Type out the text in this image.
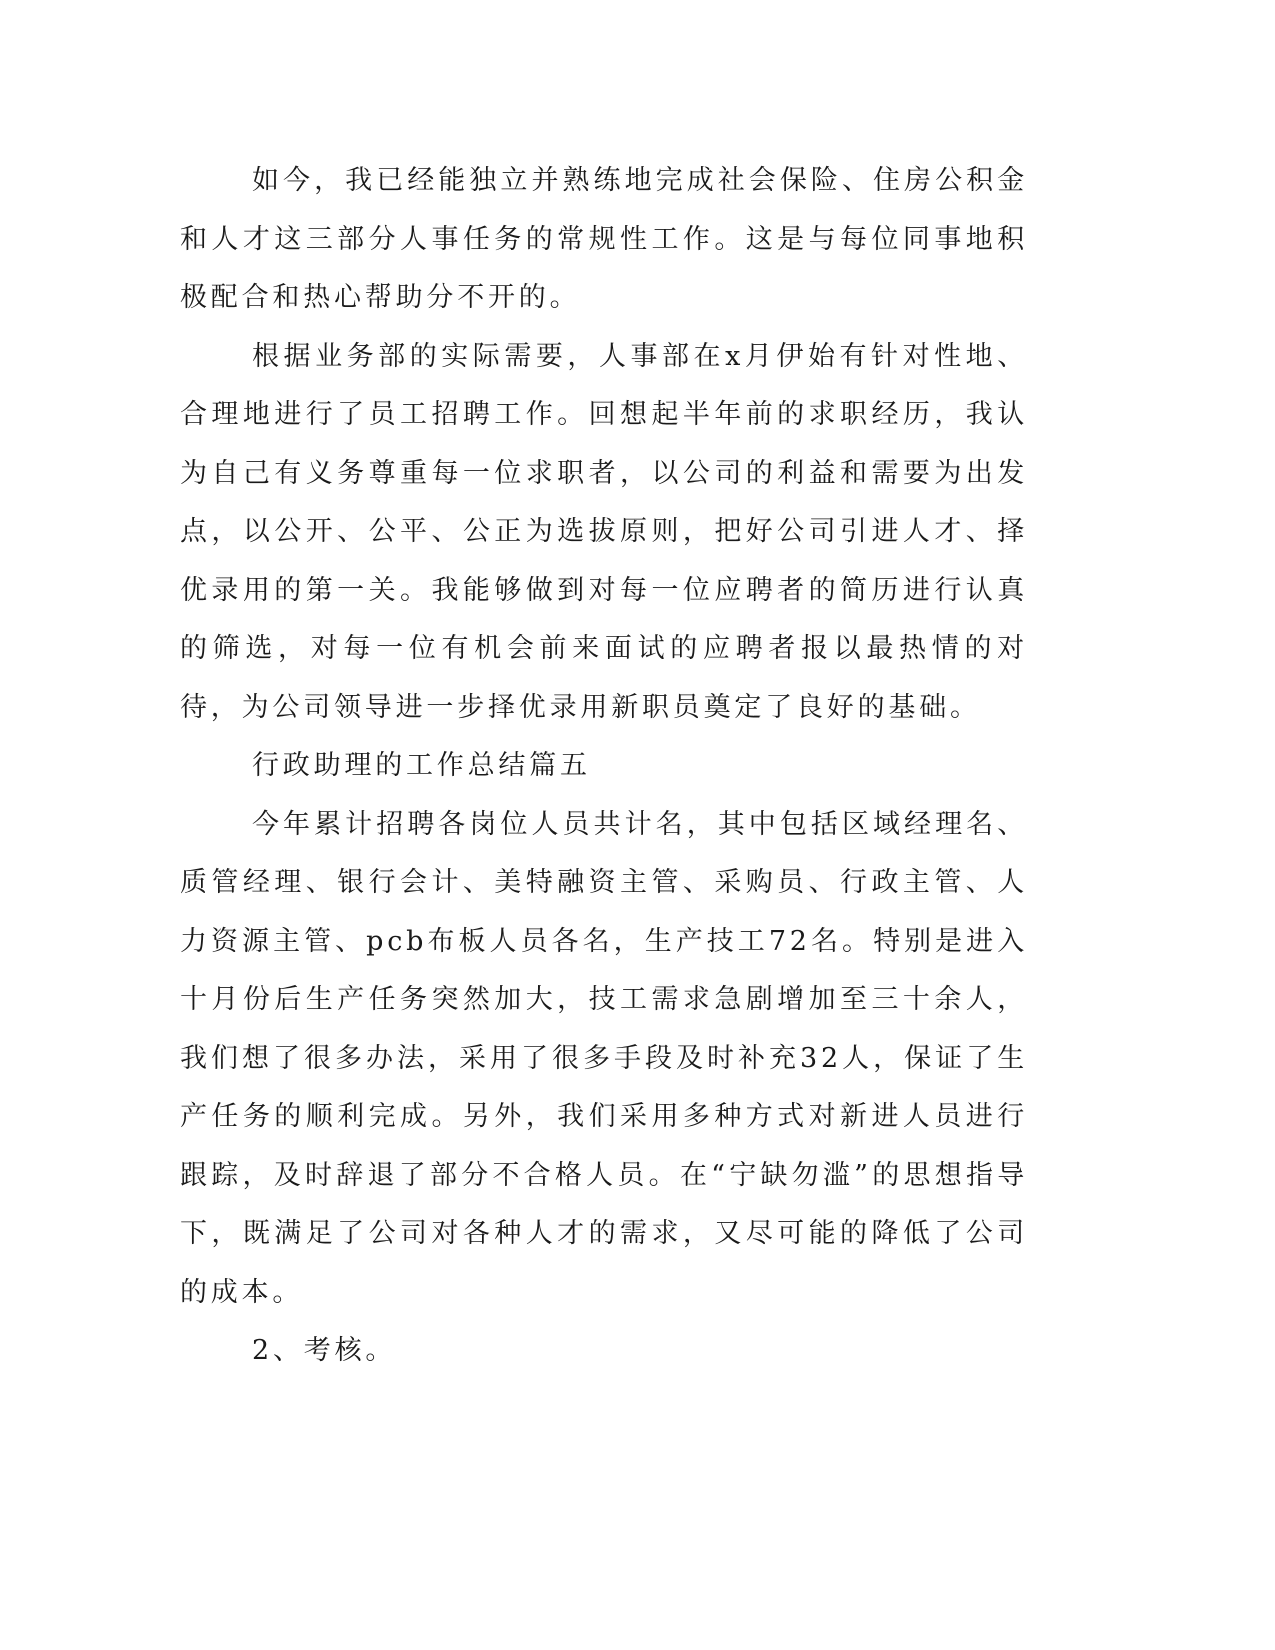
如今，我已经能独立并熟练地完成社会保险、住房公积金和人才这三部分人事任务的常规性工作。这是与每位同事地积极配合和热心帮助分不开的。

根据业务部的实际需要，人事部在x月伊始有针对性地、合理地进行了员工招聘工作。回想起半年前的求职经历，我认为自己有义务尊重每一位求职者，以公司的利益和需要为出发点，以公开、公平、公正为选拔原则，把好公司引进人才、择优录用的第一关。我能够做到对每一位应聘者的简历进行认真的筛选，对每一位有机会前来面试的应聘者报以最热情的对待，为公司领导进一步择优录用新职员奠定了良好的基础。

行政助理的工作总结篇五

今年累计招聘各岗位人员共计名，其中包括区域经理名、质管经理、银行会计、美特融资主管、采购员、行政主管、人力资源主管、pcb布板人员各名，生产技工72名。特别是进入十月份后生产任务突然加大，技工需求急剧增加至三十余人，我们想了很多办法，采用了很多手段及时补充32人，保证了生产任务的顺利完成。另外，我们采用多种方式对新进人员进行跟踪，及时辞退了部分不合格人员。在“宁缺勿滥”的思想指导下，既满足了公司对各种人才的需求，又尽可能的降低了公司的成本。

2、考核。
